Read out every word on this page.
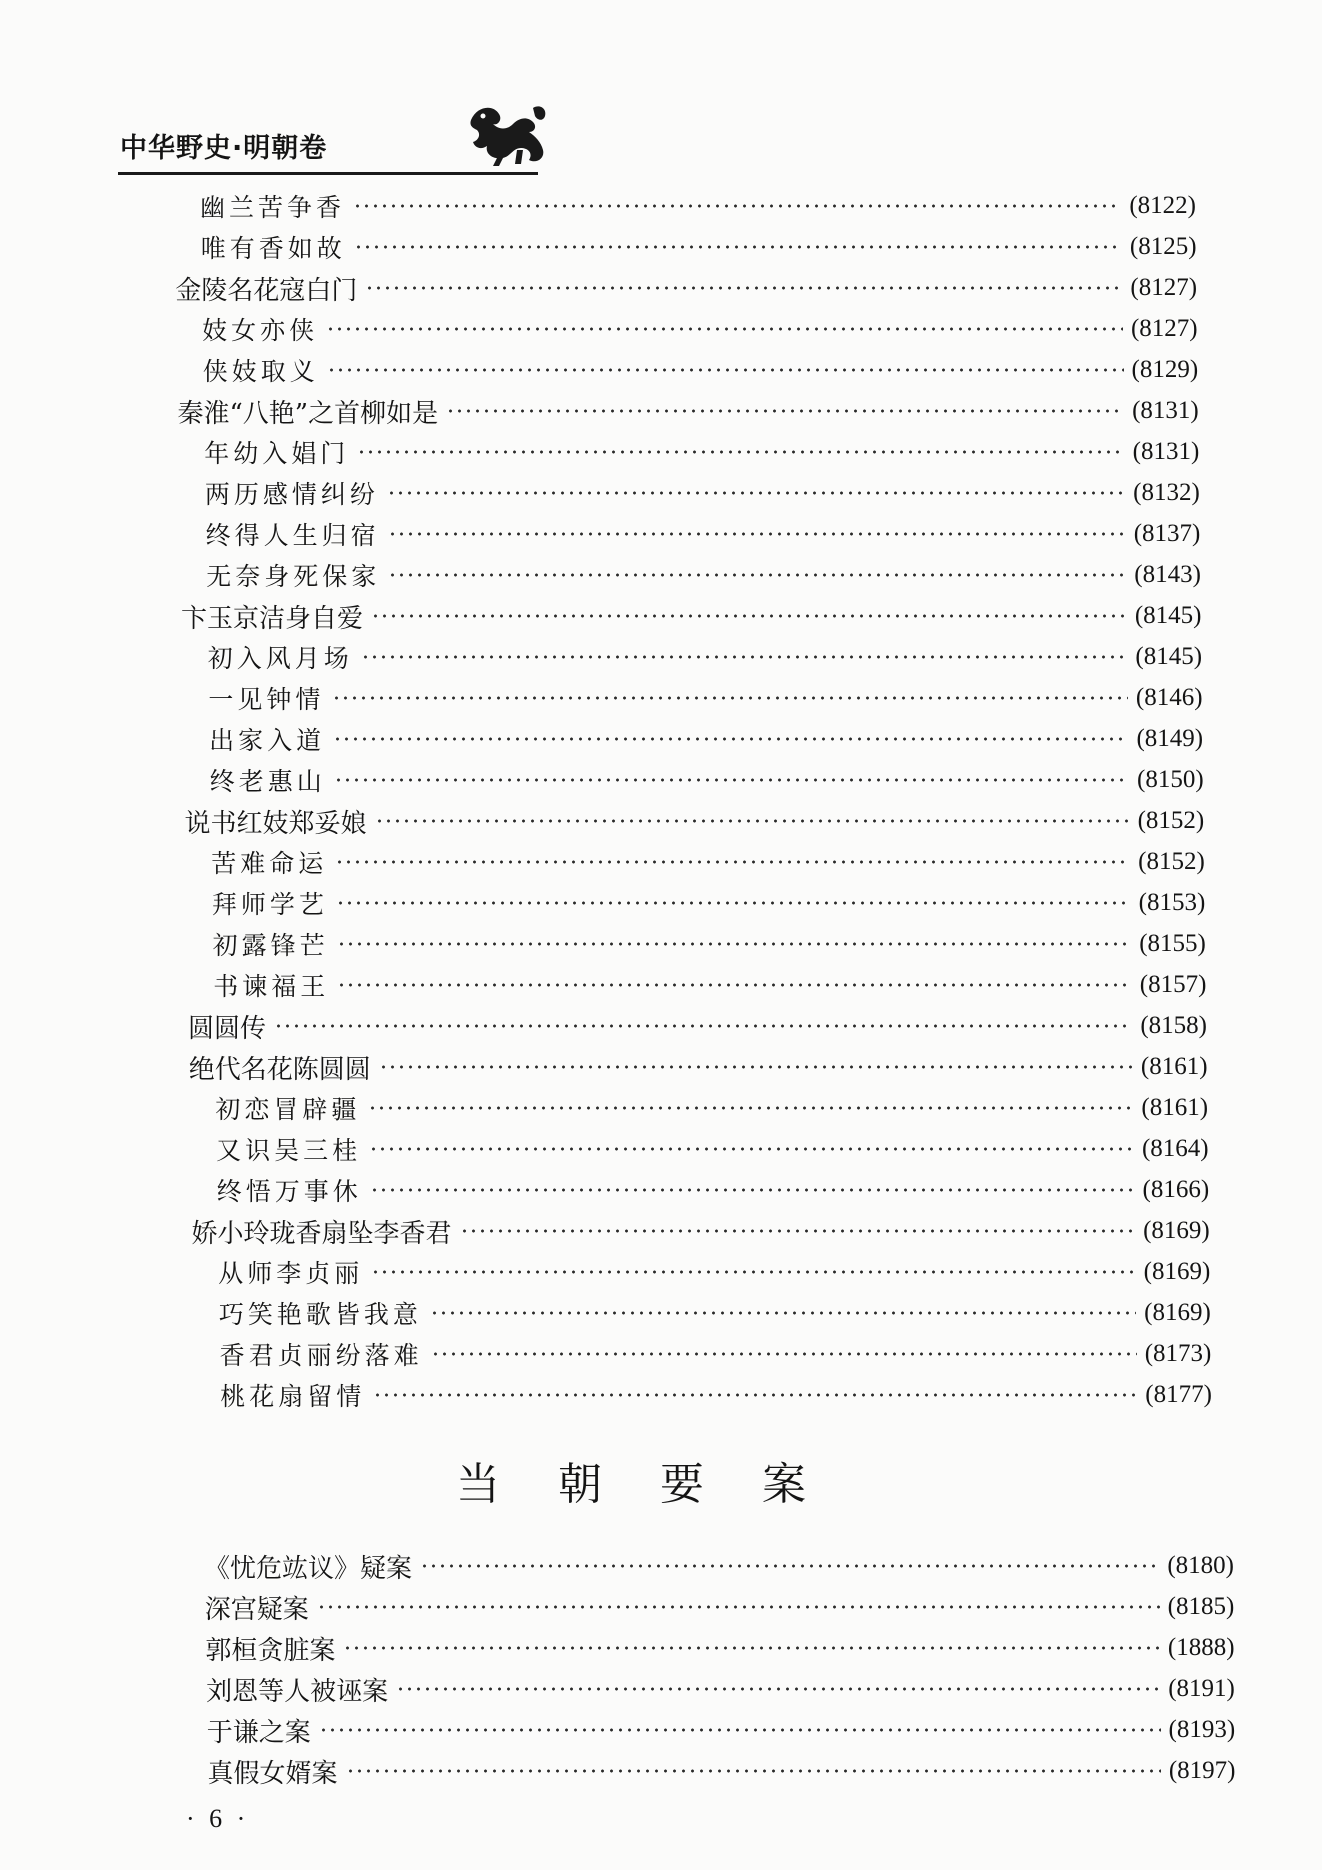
中华野史·明朝卷
幽兰苦争香	(8122)
唯有香如故	(8125)
金陵名花寇白门	(8127)
妓女亦侠	(8127)
侠妓取义	(8129)
秦淮“八艳”之首柳如是	(8131)
年幼入娼门	(8131)
两历感情纠纷	(8132)
终得人生归宿	(8137)
无奈身死保家	(8143)
卞玉京洁身自爱	(8145)
初入风月场	(8145)
一见钟情	(8146)
出家入道	(8149)
终老惠山	(8150)
说书红妓郑妥娘	(8152)
苦难命运	(8152)
拜师学艺	(8153)
初露锋芒	(8155)
书谏福王	(8157)
圆圆传	(8158)
绝代名花陈圆圆	(8161)
初恋冒辟疆	(8161)
又识吴三桂	(8164)
终悟万事休	(8166)
娇小玲珑香扇坠李香君	(8169)
从师李贞丽	(8169)
巧笑艳歌皆我意	(8169)
香君贞丽纷落难	(8173)
桃花扇留情	(8177)
当朝要案
《忧危竑议》疑案	(8180)
深宫疑案	(8185)
郭桓贪脏案	(1888)
刘恩等人被诬案	(8191)
于谦之案	(8193)
真假女婿案	(8197)
· 6 ·
